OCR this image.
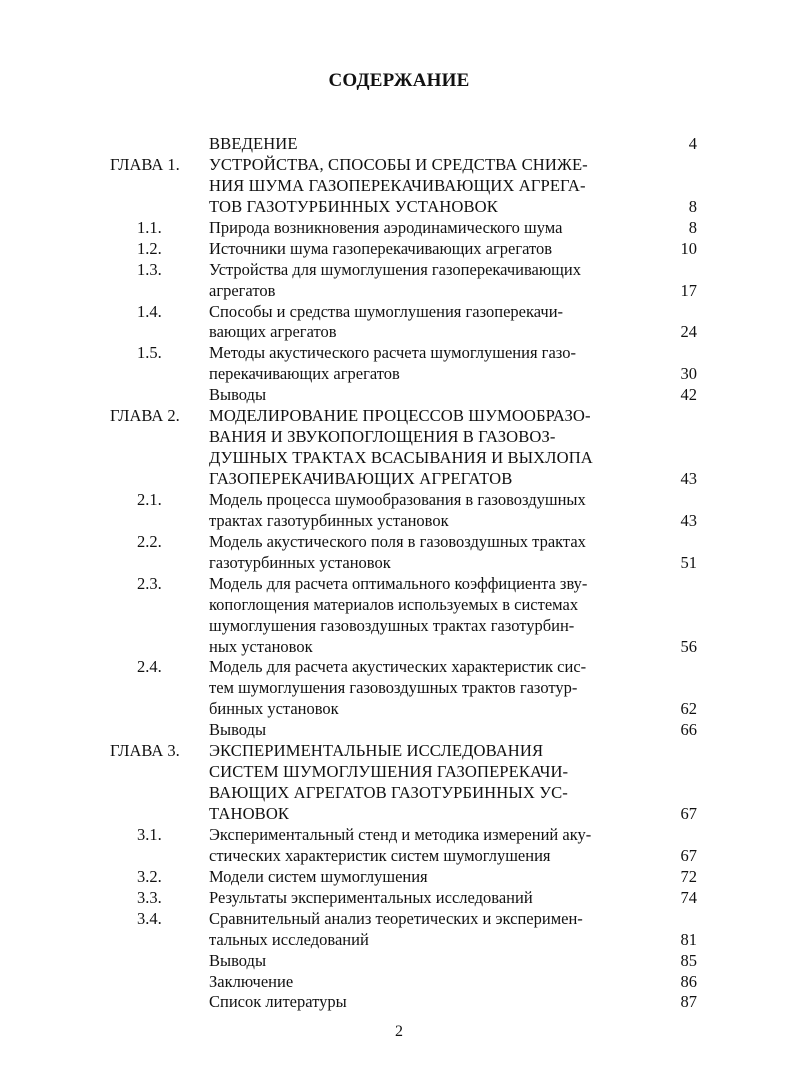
СОДЕРЖАНИЕ
ВВЕДЕНИЕ	4
ГЛАВА 1.	УСТРОЙСТВА, СПОСОБЫ И СРЕДСТВА СНИЖЕ-
НИЯ ШУМА ГАЗОПЕРЕКАЧИВАЮЩИХ АГРЕГА-
ТОВ ГАЗОТУРБИННЫХ УСТАНОВОК	8
1.1.	Природа возникновения аэродинамического шума	8
1.2.	Источники шума газоперекачивающих агрегатов	10
1.3.	Устройства для шумоглушения газоперекачивающих
агрегатов	17
1.4.	Способы и средства шумоглушения газоперекачи-
вающих агрегатов	24
1.5.	Методы акустического расчета шумоглушения газо-
перекачивающих агрегатов	30
Выводы	42
ГЛАВА 2.	МОДЕЛИРОВАНИЕ ПРОЦЕССОВ ШУМООБРАЗО-
ВАНИЯ И ЗВУКОПОГЛОЩЕНИЯ В ГАЗОВОЗ-
ДУШНЫХ ТРАКТАХ ВСАСЫВАНИЯ И ВЫХЛОПА
ГАЗОПЕРЕКАЧИВАЮЩИХ АГРЕГАТОВ	43
2.1.	Модель процесса шумообразования в газовоздушных
трактах газотурбинных установок	43
2.2.	Модель акустического поля в газовоздушных трактах
газотурбинных установок	51
2.3.	Модель для расчета оптимального коэффициента зву-
копоглощения материалов используемых в системах
шумоглушения газовоздушных трактах газотурбин-
ных установок	56
2.4.	Модель для расчета акустических характеристик сис-
тем шумоглушения газовоздушных трактов газотур-
бинных установок	62
Выводы	66
ГЛАВА 3.	ЭКСПЕРИМЕНТАЛЬНЫЕ ИССЛЕДОВАНИЯ
СИСТЕМ ШУМОГЛУШЕНИЯ ГАЗОПЕРЕКАЧИ-
ВАЮЩИХ АГРЕГАТОВ ГАЗОТУРБИННЫХ УС-
ТАНОВОК	67
3.1.	Экспериментальный стенд и методика измерений аку-
стических характеристик систем шумоглушения	67
3.2.	Модели систем шумоглушения	72
3.3.	Результаты экспериментальных исследований	74
3.4.	Сравнительный анализ теоретических и эксперимен-
тальных исследований	81
Выводы	85
Заключение	86
Список литературы	87
2
